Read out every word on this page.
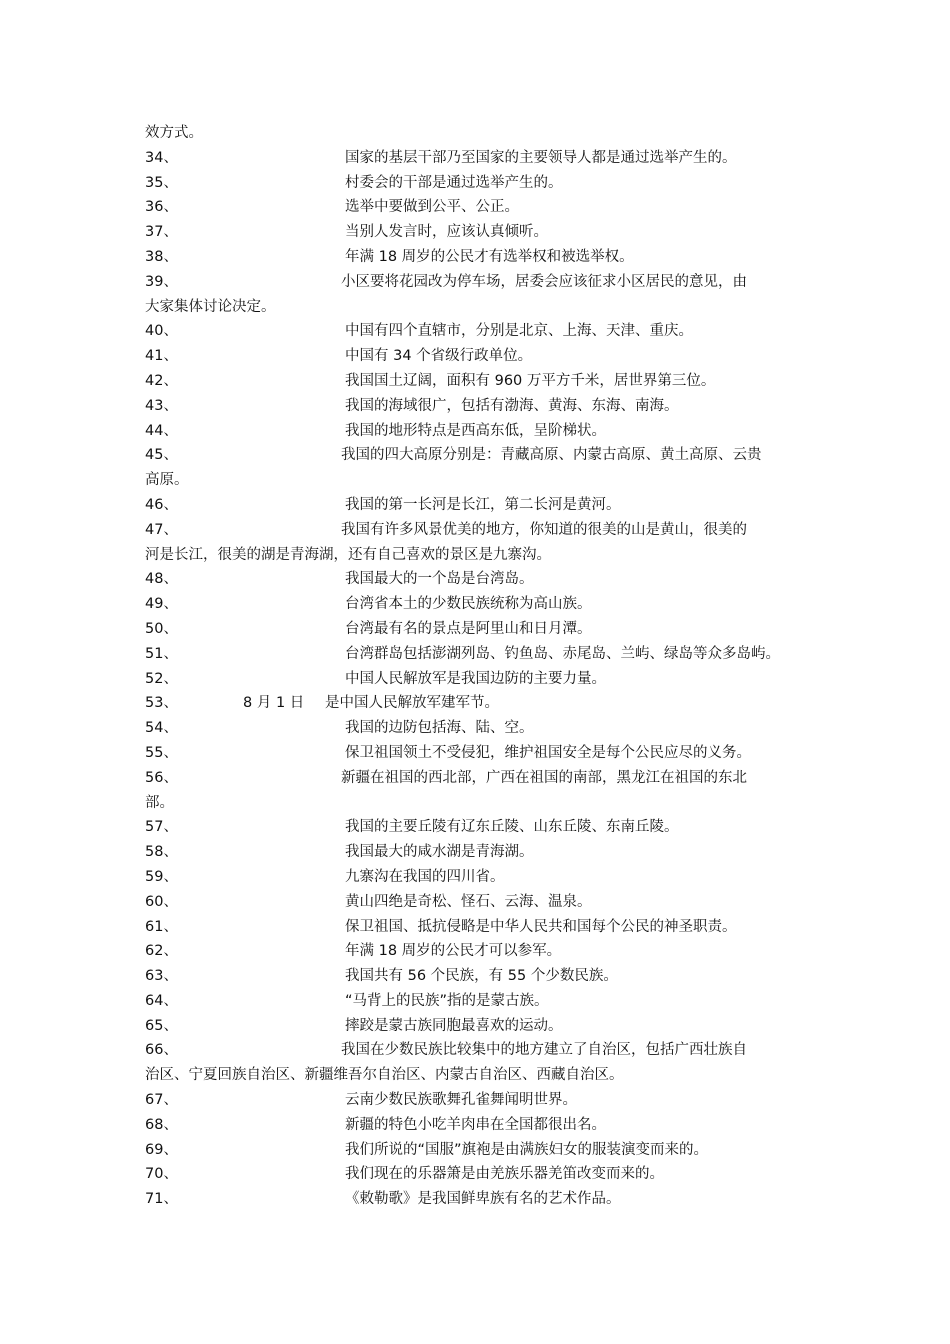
效方式。
34、	国家的基层干部乃至国家的主要领导人都是通过选举产生的。
35、	村委会的干部是通过选举产生的。
36、	选举中要做到公平、公正。
37、	当别人发言时，应该认真倾听。
38、	年满 18 周岁的公民才有选举权和被选举权。
39、	小区要将花园改为停车场，居委会应该征求小区居民的意见，由
大家集体讨论决定。
40、	中国有四个直辖市，分别是北京、上海、天津、重庆。
41、	中国有 34 个省级行政单位。
42、	我国国土辽阔，面积有 960 万平方千米，居世界第三位。
43、	我国的海域很广，包括有渤海、黄海、东海、南海。
44、	我国的地形特点是西高东低，呈阶梯状。
45、	我国的四大高原分别是：青藏高原、内蒙古高原、黄土高原、云贵
高原。
46、	我国的第一长河是长江，第二长河是黄河。
47、	我国有许多风景优美的地方，你知道的很美的山是黄山，很美的
河是长江，很美的湖是青海湖，还有自己喜欢的景区是九寨沟。
48、	我国最大的一个岛是台湾岛。
49、	台湾省本土的少数民族统称为高山族。
50、	台湾最有名的景点是阿里山和日月潭。
51、	台湾群岛包括澎湖列岛、钓鱼岛、赤尾岛、兰屿、绿岛等众多岛屿。
52、	中国人民解放军是我国边防的主要力量。
53、	8 月 1 日 是中国人民解放军建军节。
54、	我国的边防包括海、陆、空。
55、	保卫祖国领土不受侵犯，维护祖国安全是每个公民应尽的义务。
56、	新疆在祖国的西北部，广西在祖国的南部，黑龙江在祖国的东北
部。
57、	我国的主要丘陵有辽东丘陵、山东丘陵、东南丘陵。
58、	我国最大的咸水湖是青海湖。
59、	九寨沟在我国的四川省。
60、	黄山四绝是奇松、怪石、云海、温泉。
61、	保卫祖国、抵抗侵略是中华人民共和国每个公民的神圣职责。
62、	年满 18 周岁的公民才可以参军。
63、	我国共有 56 个民族，有 55 个少数民族。
64、	“马背上的民族”指的是蒙古族。
65、	摔跤是蒙古族同胞最喜欢的运动。
66、	我国在少数民族比较集中的地方建立了自治区，包括广西壮族自
治区、宁夏回族自治区、新疆维吾尔自治区、内蒙古自治区、西藏自治区。
67、	云南少数民族歌舞孔雀舞闻明世界。
68、	新疆的特色小吃羊肉串在全国都很出名。
69、	我们所说的“国服”旗袍是由满族妇女的服装演变而来的。
70、	我们现在的乐器箫是由羌族乐器羌笛改变而来的。
71、	《敕勒歌》是我国鲜卑族有名的艺术作品。
